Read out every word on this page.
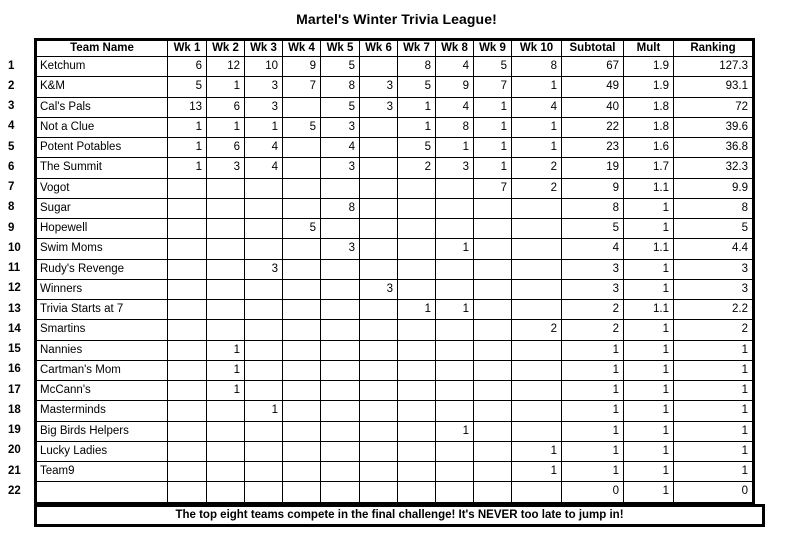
Martel's Winter Trivia League!
1
2
3
4
5
6
7
8
9
10
11
12
13
14
15
16
17
18
19
20
21
22
Team Name	Wk 1	Wk 2	Wk 3	Wk 4	Wk 5	Wk 6	Wk 7	Wk 8	Wk 9	Wk 10	Subtotal	Mult	Ranking
Ketchum	6	12	10	9	5		8	4	5	8	67	1.9	127.3
K&M	5	1	3	7	8	3	5	9	7	1	49	1.9	93.1
Cal's Pals	13	6	3		5	3	1	4	1	4	40	1.8	72
Not a Clue	1	1	1	5	3		1	8	1	1	22	1.8	39.6
Potent Potables	1	6	4		4		5	1	1	1	23	1.6	36.8
The Summit	1	3	4		3		2	3	1	2	19	1.7	32.3
Vogot									7	2	9	1.1	9.9
Sugar					8						8	1	8
Hopewell				5							5	1	5
Swim Moms					3			1			4	1.1	4.4
Rudy's Revenge			3								3	1	3
Winners						3					3	1	3
Trivia Starts at 7							1	1			2	1.1	2.2
Smartins										2	2	1	2
Nannies		1									1	1	1
Cartman's Mom		1									1	1	1
McCann's		1									1	1	1
Masterminds			1								1	1	1
Big Birds Helpers								1			1	1	1
Lucky Ladies										1	1	1	1
Team9										1	1	1	1
											0	1	0
The top eight teams compete in the final challenge! It's NEVER too late to jump in!
